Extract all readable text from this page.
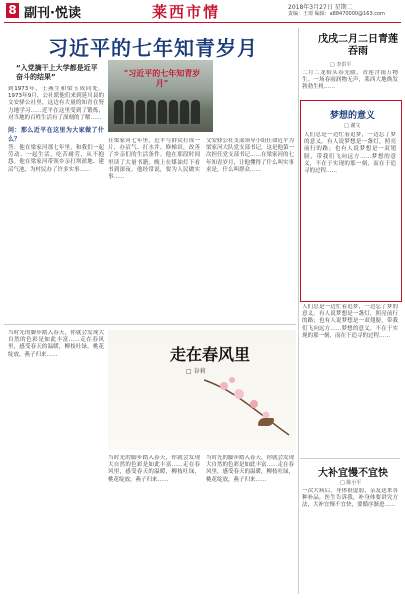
8 副刊·悦读	莱西市情	2018年3月27日 星期二
责编：王璟 编辑：a88470000@163.com
习近平的七年知青岁月
“入党摘干上大学都是近平奋斗的结果”	“习近平的七年知青岁月”
到1973年，王燕生和梁玉成同处。1973年9月，公社派他们来到延川县的文安驿公社里，这边有大量的知青在努力地学习……近平在这里受到了锻炼，对当地的百姓生活有了深刻的了解……
问：那么近平在这里为大家做了什么？
答：他在梁家河那七年里，和我们一起劳动、一起生活，吃苦耐劳，从不抱怨。他在梁家河带领乡亲打坝淤地、建沼气池，为村民办了许多实事……
在梁家河七年里，近平与群众打成一片，办沼气、打水井、修梯田，改善了乡亲们的生活条件。他在那段时间里读了大量书籍，晚上在煤油灯下看书到深夜。他经常说，要为人民做实事……
文安驿公社支部领导小组任命近平为梁家河大队党支部书记，这是他第一次担任党支部书记……在梁家河的七年知青岁月，让他懂得了什么叫实事求是，什么叫群众……
戊戌二月二日青莲吞雨
□ 李洪平
二月二龙抬头春光暖，青莲含雨万物生。一场春雨润物无声，莱西大地焕发勃勃生机……
梦想的意义
□ 谢文
人们总是一边忙着追梦，一边忘了梦的意义。有人说梦想是一盏灯，照亮前行的路；也有人说梦想是一双翅膀，带我们飞向远方……梦想的意义，不在于实现的那一刻，而在于追寻的过程……
人们总是一边忙着追梦，一边忘了梦的意义。有人说梦想是一盏灯，照亮前行的路；也有人说梦想是一双翅膀，带我们飞向远方……梦想的意义，不在于实现的那一刻，而在于追寻的过程……
当时光的脚步踏入春天，你就会发现大自然的色彩是如此丰富……走在春风里，感受春天的温暖，柳枝吐绿，桃花绽放，燕子归来……	走在春风里
□ 谷莉
当时光的脚步踏入春天，你就会发现大自然的色彩是如此丰富……走在春风里，感受春天的温暖，柳枝吐绿，桃花绽放，燕子归来……
当时光的脚步踏入春天，你就会发现大自然的色彩是如此丰富……走在春风里，感受春天的温暖，柳枝吐绿，桃花绽放，燕子归来……
大补宜慢不宜快
□ 陈小平
一次大病后，身体很虚弱，亲友送来各种补品，医生告诉我，补身体要讲究方法，大补宜慢不宜快，要循序渐进……
